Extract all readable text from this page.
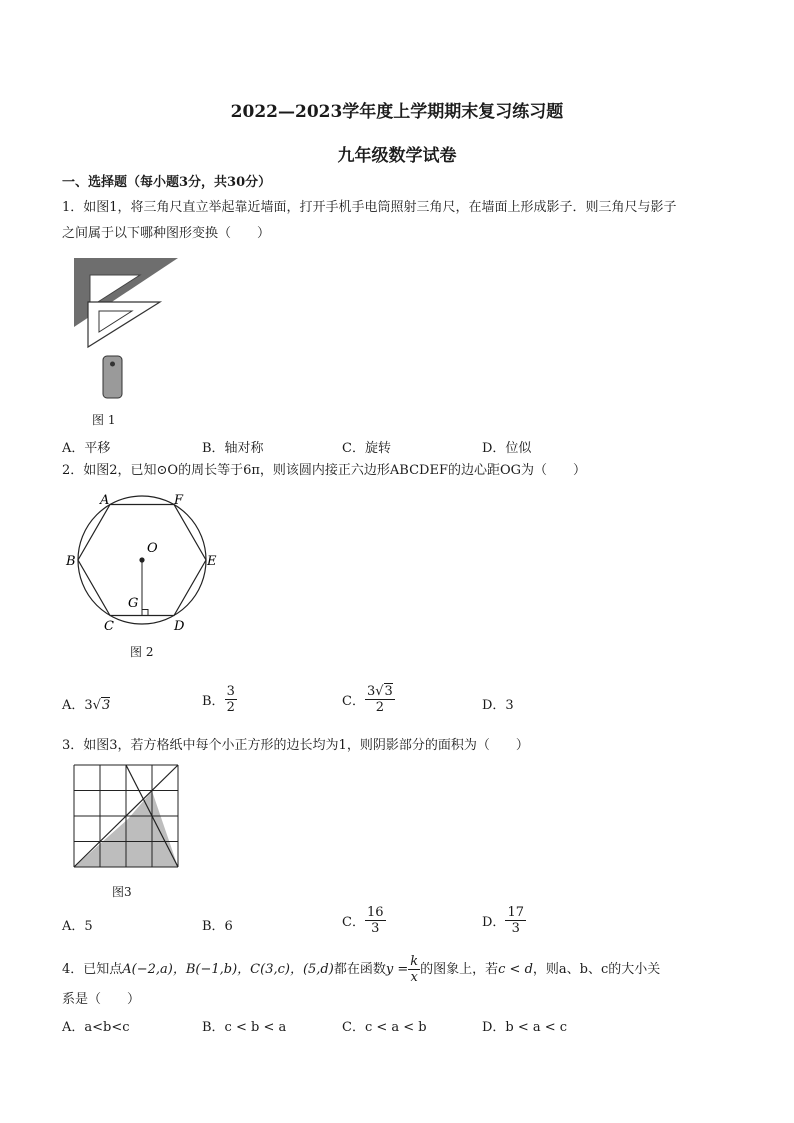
2022—2023学年度上学期期末复习练习题
九年级数学试卷
一、选择题（每小题3分，共30分）
1．如图1，将三角尺直立举起靠近墙面，打开手机手电筒照射三角尺，在墙面上形成影子．则三角尺与影子
之间属于以下哪种图形变换（　　）
图 1
A．平移	B．轴对称	C．旋转	D．位似
2．如图2，已知⊙O的周长等于6π，则该圆内接正六边形ABCDEF的边心距OG为（　　）
A	F
B	E
O
G
C	D
图 2
A．3√3	B． $\frac{3}{2}$	C． $\frac{3√3}{2}$	D．3
3．如图3，若方格纸中每个小正方形的边长均为1，则阴影部分的面积为（　　）
图3
A．5	B．6	C． $\frac{16}{3}$	D． $\frac{17}{3}$
4．已知点A(−2,a)，B(−1,b)，C(3,c)，(5,d)都在函数$y = \frac{k}{x}$ 的图象上，若c < d，则a、b、c的大小关
系是（　　）
A．a<b<c	B．c < b < a	C．c < a < b	D．b < a < c
